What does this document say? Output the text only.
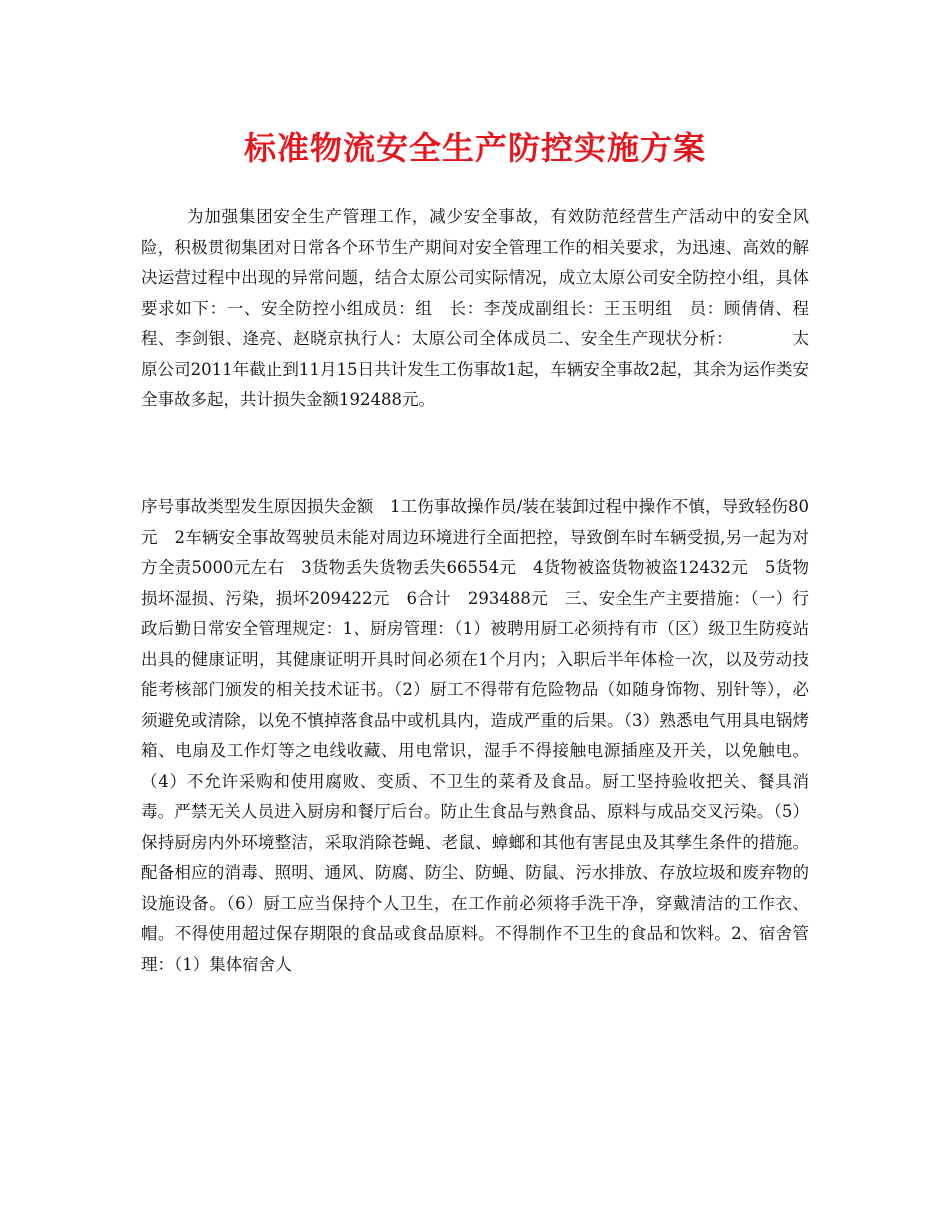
标准物流安全生产防控实施方案

为加强集团安全生产管理工作，减少安全事故，有效防范经营生产活动中的安全风险，积极贯彻集团对日常各个环节生产期间对安全管理工作的相关要求，为迅速、高效的解决运营过程中出现的异常问题，结合太原公司实际情况，成立太原公司安全防控小组，具体要求如下：一、安全防控小组成员：组　长：李茂成副组长：王玉明组　员：顾倩倩、程程、李剑银、逄亮、赵晓京执行人：太原公司全体成员二、安全生产现状分析：　　　　太原公司2011年截止到11月15日共计发生工伤事故1起，车辆安全事故2起，其余为运作类安全事故多起，共计损失金额192488元。

序号事故类型发生原因损失金额　1工伤事故操作员/装在装卸过程中操作不慎，导致轻伤80元　2车辆安全事故驾驶员未能对周边环境进行全面把控，导致倒车时车辆受损,另一起为对方全责5000元左右　3货物丢失货物丢失66554元　4货物被盗货物被盗12432元　5货物损坏湿损、污染，损坏209422元　6合计　293488元　三、安全生产主要措施：（一）行政后勤日常安全管理规定：1、厨房管理：（1）被聘用厨工必须持有市（区）级卫生防疫站出具的健康证明，其健康证明开具时间必须在1个月内；入职后半年体检一次，以及劳动技能考核部门颁发的相关技术证书。（2）厨工不得带有危险物品（如随身饰物、别针等），必须避免或清除，以免不慎掉落食品中或机具内，造成严重的后果。（3）熟悉电气用具电锅烤箱、电扇及工作灯等之电线收藏、用电常识，湿手不得接触电源插座及开关，以免触电。（4）不允许采购和使用腐败、变质、不卫生的菜肴及食品。厨工坚持验收把关、餐具消毒。严禁无关人员进入厨房和餐厅后台。防止生食品与熟食品、原料与成品交叉污染。（5）保持厨房内外环境整洁，采取消除苍蝇、老鼠、蟑螂和其他有害昆虫及其孳生条件的措施。配备相应的消毒、照明、通风、防腐、防尘、防蝇、防鼠、污水排放、存放垃圾和废弃物的设施设备。（6）厨工应当保持个人卫生，在工作前必须将手洗干净，穿戴清洁的工作衣、帽。不得使用超过保存期限的食品或食品原料。不得制作不卫生的食品和饮料。2、宿舍管理：（1）集体宿舍人
